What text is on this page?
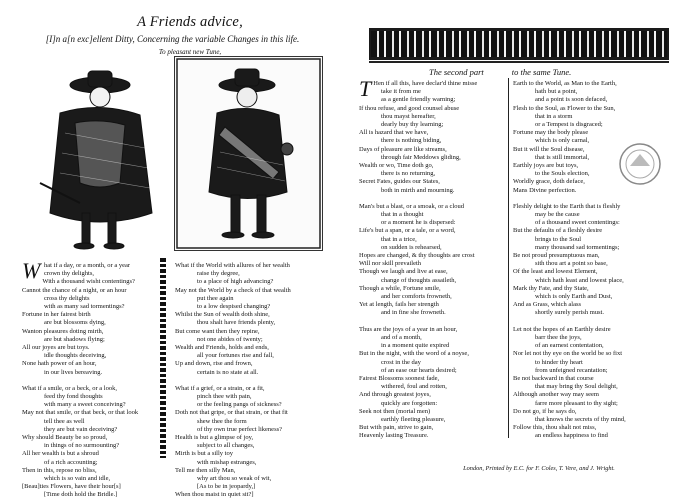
A Friends advice,
[I]n a[n exc]ellent Ditty, Concerning the variable Changes in this life.
To pleasant new Tune,
W hat if a day, or a month, or a year
crown thy delights,
With a thousand wisht contentings?
Cannot the chance of a night, or an hour
cross thy delights
with as many sad tormentings?
Fortune in her fairest birth
are but blossoms dying,
Wanton pleasures doting mirth,
are but shadows flying;
All our joyes are but toys.
idle thoughts deceiving,
None hath power of an hour,
in our lives bereaving.
What if a smile, or a beck, or a look,
feed thy fond thoughts
with many a sweet conceiving?
May not that smile, or that beck, or that look
tell thee as well
they are but vain deceiving?
Why should Beauty be so proud,
in things of no surmounting?
All her wealth is but a shroud
of a rich accounting;
Then in this, repose no bliss,
which is so vain and idle,
[Beau]ties Flowers, have their hour[s]
[Time doth hold the Bridle.]
What if the World with allures of her wealth
raise thy degree,
to a place of high advancing?
May not the World by a check of that wealth
put thee again
to a low despised changing?
Whilst the Sun of wealth doth shine,
thou shalt have friends plenty,
But come want then they repine,
not one abides of twenty;
Wealth and Friends, holds and ends,
all your fortunes rise and fall,
Up and down, rise and frown,
certain is no state at all.
What if a grief, or a strain, or a fit,
pinch thee with pain,
or the feeling pangs of sickness?
Doth not that gripe, or that strain, or that fit
shew thee the form
of thy own true perfect likeness?
Health is but a glimpse of joy,
subject to all changes,
Mirth is but a silly toy
with mishap estranges,
Tell me then silly Man,
why art thou so weak of wit,
[As to be in jeopardy,]
When thou maist in quiet sit?]
The second part	to the same Tune.
T Hen if all this, have declar'd thine misse
take it from me
as a gentle friendly warning;
If thou refuse, and good counsel abuse
thou mayst hereafter,
dearly buy thy learning;
All is hazard that we have,
there is nothing biding,
Days of pleasure are like streams,
through fair Meddows gliding,
Wealth or wo, Time doth go,
there is no returning,
Secret Fates, guides our States,
both in mirth and mourning.
Man's but a blast, or a smoak, or a cloud
that in a thought
or a moment he is dispersed:
Life's but a span, or a tale, or a word,
that in a trice,
on sudden is rehearsed,
Hopes are changed, & thy thoughts are crost
Will nor skill prevaileth
Though we laugh and live at ease,
change of thoughts assaileth,
Though a while, Fortune smile,
and her comforts frowneth,
Yet at length, fails her strength
and in fine she frowneth.
Thus are the joys of a year in an hour,
and of a month,
in a moment quite expired
But in the night, with the word of a noyse,
crost in the day
of an ease our hearts desired;
Fairest Blossoms soonest fade,
withered, foul and rotten,
And through greatest joyes,
quickly are forgotten:
Seek not then (mortal men)
earthly fleeting pleasure,
But with pain, strive to gain,
Heavenly lasting Treasure.
Earth to the World, as Man to the Earth,
hath but a point,
and a point is soon defaced,
Flesh to the Soul, as Flower to the Sun,
that in a storm
or a Tempest is disgraced;
Fortune may the body please
which is only carnal,
But it will the Soul disease,
that is still immortal,
Earthly joys are but toys,
to the Souls election,
Worldly grace, doth deface,
Mans Divine perfection.
Fleshly delight to the Earth that is fleshly
may be the cause
of a thousand sweet contentings:
But the defaults of a fleshly desire
brings to the Soul
many thousand sad tormentings;
Be not proud presumptuous man,
sith thou art a point so base,
Of the least and lowest Element,
which hath least and lowest place,
Mark thy Fate, and thy State,
which is only Earth and Dust,
And as Grass, which alass
shortly surely perish must.
Let not the hopes of an Earthly desire
barr thee the joys,
of an earnest contentation,
Nor let not thy eye on the world be so fixt
to hinder thy heart
from unfeigned recantation;
Be not backward in that course
that may bring thy Soul delight,
Although another way may seem
farre more pleasant to thy sight;
Do not go, if he says do,
that knows the secrets of thy mind,
Follow this, thou shalt not miss,
an endless happiness to find
London, Printed by E.C. for F. Coles, T. Vere, and J. Wright.
